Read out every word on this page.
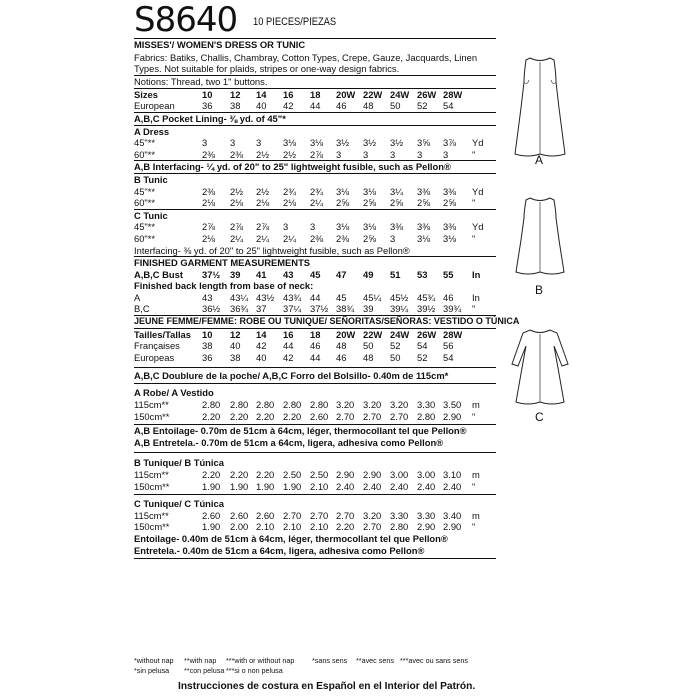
S8640 10 PIECES/PIEZAS
MISSES'/ WOMEN'S DRESS OR TUNIC
Fabrics: Batiks, Challis, Chambray, Cotton Types, Crepe, Gauze, Jacquards, Linen Types. Not suitable for plaids, stripes or one-way design fabrics.
Notions: Thread, two 1" buttons.
Sizes	10 12 14 16 18 20W 22W 24W 26W 28W
European	36 38 40 42 44 46 48 50 52 54
A,B,C Pocket Lining- ⅜ yd. of 45"*
A Dress
45"**	3 3 3 3⅛ 3⅛ 3½ 3½ 3½ 3⅝ 3⅞ Yd
60"**	2⅜ 2⅜ 2½ 2½ 2⅞ 3 3 3 3 3	"
A,B Interfacing- ¼ yd. of 20" to 25" lightweight fusible, such as Pellon®
B Tunic
45"**	2⅜ 2½ 2½ 2¾ 2¾ 3⅛ 3⅛ 3¼ 3⅜ 3⅜ Yd
60"**	2⅛ 2⅛ 2⅛ 2⅛ 2¼ 2⅝ 2⅝ 2⅝ 2⅝ 2⅝ "
C Tunic
45"**	2⅞ 2⅞ 2⅞ 3 3 3⅛ 3⅛ 3⅜ 3⅜ 3⅜ Yd
60"**	2⅛ 2¼ 2¼ 2¼ 2⅜ 2⅜ 2⅝ 3 3⅛ 3⅛ "
Interfacing- ⅜ yd. of 20" to 25" lightweight fusible, such as Pellon®
FINISHED GARMENT MEASUREMENTS
A,B,C Bust 37½ 39 41 43 45 47 49 51 53 55 In
Finished back length from base of neck:
A	43 43¼ 43½ 43¾ 44 45 45¼ 45½ 45¾ 46 In
B,C	36½ 36¾ 37 37¼ 37½ 38¾ 39 39¼ 39½ 39¾ "
JEUNE FEMME/FEMME: ROBE OU TUNIQUE/ SEÑORITAS/SEÑORAS: VESTIDO O TÚNICA
Tailles/Tallas 10 12 14 16 18 20W 22W 24W 26W 28W
Françaises 38 40 42 44 46 48 50 52 54 56
Europeas	36 38 40 42 44 46 48 50 52 54
A,B,C Doublure de la poche/ A,B,C Forro del Bolsillo- 0.40m de 115cm*
A Robe/ A Vestido
115cm**	2.80 2.80 2.80 2.80 2.80 3.20 3.20 3.20 3.30 3.50 m
150cm**	2.20 2.20 2.20 2.20 2.60 2.70 2.70 2.70 2.80 2.90 "
A,B Entoilage- 0.70m de 51cm à 64cm, léger, thermocollant tel que Pellon®
A,B Entretela.- 0.70m de 51cm a 64cm, ligera, adhesiva como Pellon®
B Tunique/ B Túnica
115cm**	2.20 2.20 2.20 2.50 2.50 2.90 2.90 3.00 3.00 3.10 m
150cm**	1.90 1.90 1.90 1.90 2.10 2.40 2.40 2.40 2.40 2.40 "
C Tunique/ C Túnica
115cm**	2.60 2.60 2.60 2.70 2.70 2.70 3.20 3.30 3.30 3.40 m
150cm**	1.90 2.00 2.10 2.10 2.10 2.20 2.70 2.80 2.90 2.90 "
Entoilage- 0.40m de 51cm à 64cm, léger, thermocollant tel que Pellon®
Entretela.- 0.40m de 51cm a 64cm, ligera, adhesiva como Pellon®
*without nap **with nap ***with or without nap *sans sens **avec sens ***avec ou sans sens
*sin pelusa **con pelusa ***si o non pelusa
Instrucciones de costura en Español en el Interior del Patrón.
A
B
C
